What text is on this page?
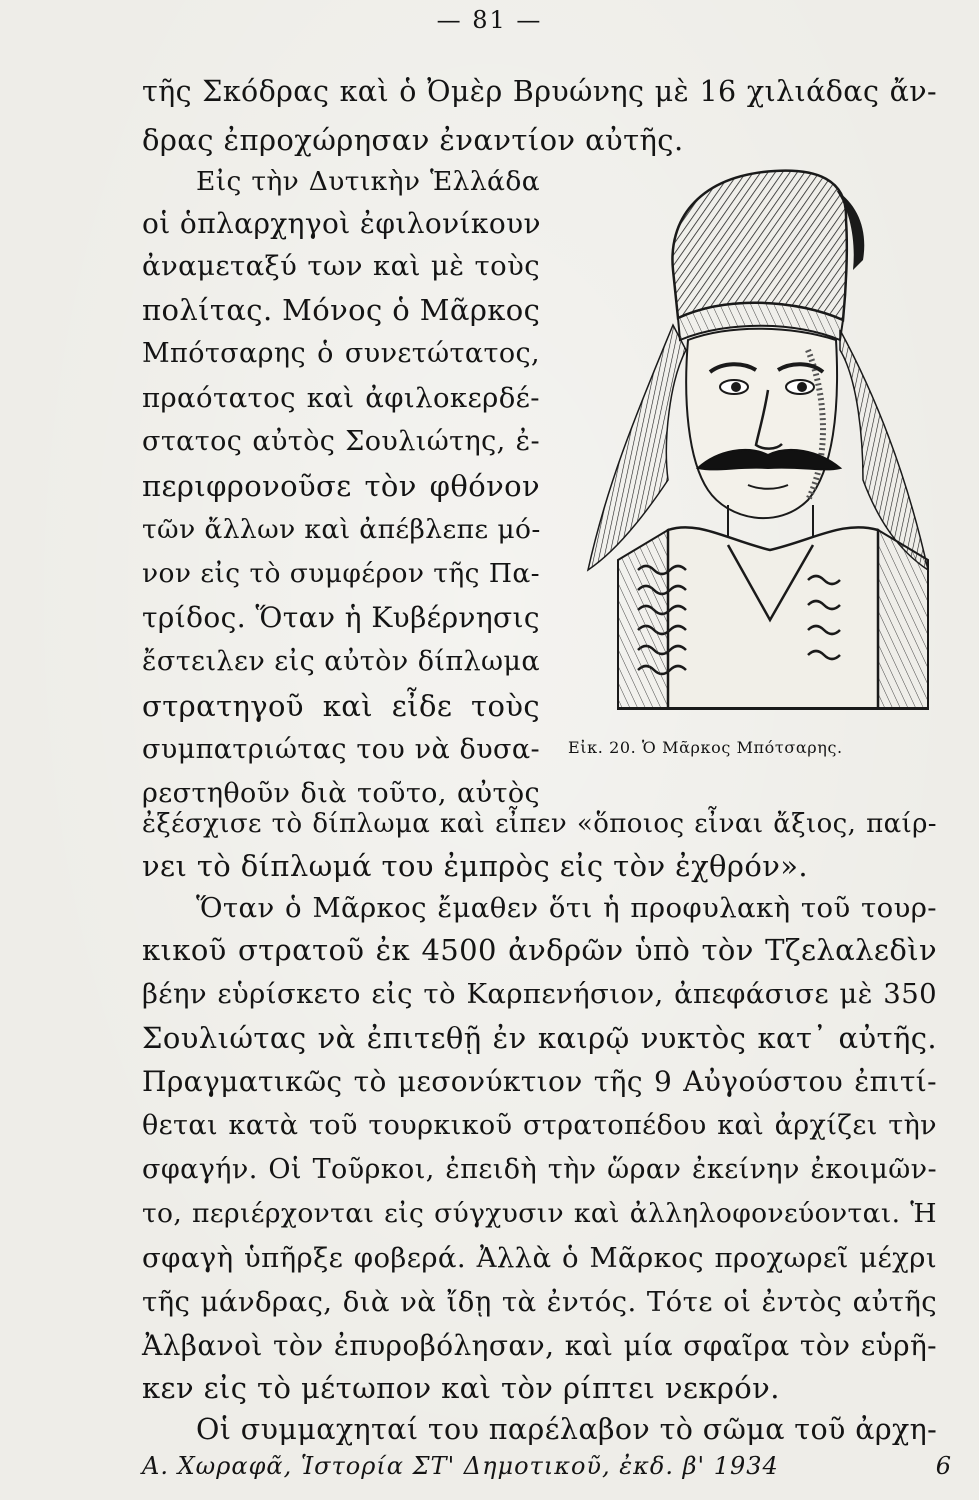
— 81 —
τῆς Σκόδρας καὶ ὁ Ὀμὲρ Βρυώνης μὲ 16 χιλιάδας ἄν-
δρας ἐπροχώρησαν ἐναντίον αὐτῆς.
Εἰς τὴν Δυτικὴν Ἑλλάδα
οἱ ὁπλαρχηγοὶ ἐφιλονίκουν
ἀναμεταξύ των καὶ μὲ τοὺς
πολίτας. Μόνος ὁ Μᾶρκος
Μπότσαρης ὁ συνετώτατος,
πραότατος καὶ ἀφιλοκερδέ-
στατος αὐτὸς Σουλιώτης, ἐ-
περιφρονοῦσε τὸν φθόνον
τῶν ἄλλων καὶ ἀπέβλεπε μό-
νον εἰς τὸ συμφέρον τῆς Πα-
τρίδος. Ὅταν ἡ Κυβέρνησις
ἔστειλεν εἰς αὐτὸν δίπλωμα
στρατηγοῦ καὶ εἶδε τοὺς
συμπατριώτας του νὰ δυσα-
ρεστηθοῦν διὰ τοῦτο, αὐτὸς
Εἰκ. 20. Ὁ Μᾶρκος Μπότσαρης.
ἐξέσχισε τὸ δίπλωμα καὶ εἶπεν «ὅποιος εἶναι ἄξιος, παίρ-
νει τὸ δίπλωμά του ἐμπρὸς εἰς τὸν ἐχθρόν».
Ὅταν ὁ Μᾶρκος ἔμαθεν ὅτι ἡ προφυλακὴ τοῦ τουρ-
κικοῦ στρατοῦ ἐκ 4500 ἀνδρῶν ὑπὸ τὸν Τζελαλεδὶν
βέην εὑρίσκετο εἰς τὸ Καρπενήσιον, ἀπεφάσισε μὲ 350
Σουλιώτας νὰ ἐπιτεθῇ ἐν καιρῷ νυκτὸς κατ᾽ αὐτῆς.
Πραγματικῶς τὸ μεσονύκτιον τῆς 9 Αὐγούστου ἐπιτί-
θεται κατὰ τοῦ τουρκικοῦ στρατοπέδου καὶ ἀρχίζει τὴν
σφαγήν. Οἱ Τοῦρκοι, ἐπειδὴ τὴν ὥραν ἐκείνην ἐκοιμῶν-
το, περιέρχονται εἰς σύγχυσιν καὶ ἀλληλοφονεύονται. Ἡ
σφαγὴ ὑπῆρξε φοβερά. Ἀλλὰ ὁ Μᾶρκος προχωρεῖ μέχρι
τῆς μάνδρας, διὰ νὰ ἴδῃ τὰ ἐντός. Τότε οἱ ἐντὸς αὐτῆς
Ἀλβανοὶ τὸν ἐπυροβόλησαν, καὶ μία σφαῖρα τὸν εὑρῆ-
κεν εἰς τὸ μέτωπον καὶ τὸν ρίπτει νεκρόν.
Οἱ συμμαχηταί του παρέλαβον τὸ σῶμα τοῦ ἀρχη-
Α. Χωραφᾶ, Ἱστορία ΣΤ' Δημοτικοῦ, ἐκδ. β' 1934	6
